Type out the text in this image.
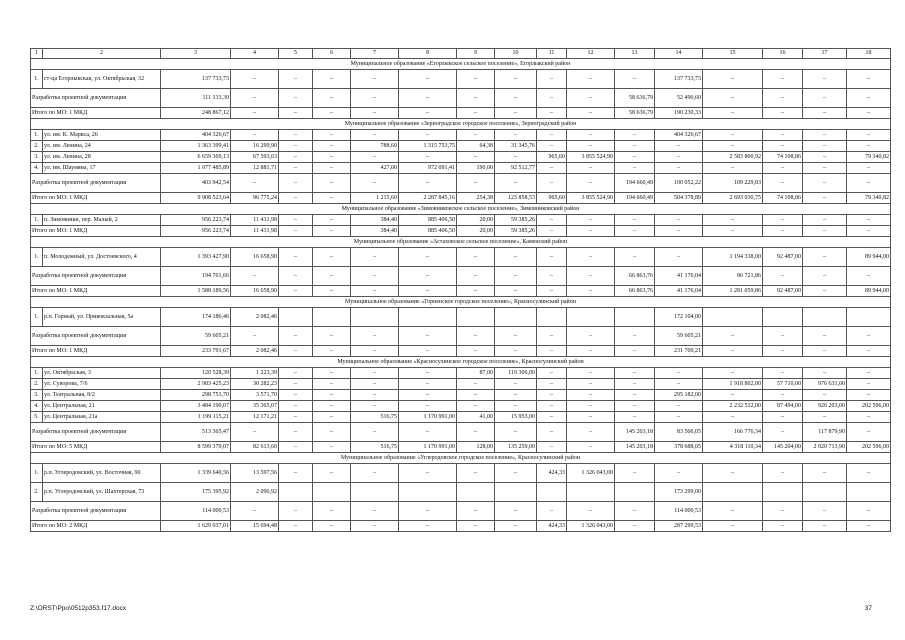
1	2	3	4	5	6	7	8	9	10	11	12	13	14	15	16	17	18
Муниципальное образование «Егорлыкское сельское поселение», Егорлыкский район																	
1.	ст-ца Егорлыкская, ул. Октябрьская, 32	137 733,73	–	–	–	–	–	–	–	–	–	–	137 733,73	–	–	–	–
Разработка проектной документации		111 133,39	–	–	–	–	–	–	–	–	–	58 636,79	52 496,60	–	–	–	–
Итого по МО: 1 МКД		248 867,12	–	–	–	–	–	–	–	–	–	58 636,79	190 230,33	–	–	–	–
Муниципальное образование «Зерноградское городское поселение», Зерноградский район																	
1.	ул. им. К. Маркса, 26	404 326,67	–	–	–	–	–	–	–	–	–	–	404 326,67	–	–	–	–
2.	ул. им. Ленина, 24	1 363 399,41	16 299,90	–	–	788,60	1 315 753,75	64,38	31 345,76	–	–	–	–	–	–	–	–
3.	ул. им. Ленина, 28	6 659 369,13	67 593,63	–	–	–	–	–	–	965,60	3 855 524,90	–	–	2 583 800,92	74 108,86	–	79 340,82
4.	ул. им. Шаумяна, 17	1 077 485,89	12 881,71	–	–	427,00	972 091,41	190,00	92 512,77	–	–	–	–	–	–	–	–
Разработка проектной документации		403 942,54	–	–	–	–	–	–	–	–	–	194 660,49	100 052,22	109 229,83	–	–	–
Итого по МО: 1 МКД		9 908 523,64	96 775,24	–	–	1 215,60	2 287 845,16	254,38	123 858,53	965,60	3 855 524,90	194 660,49	504 378,89	2 693 030,75	74 108,86	–	79 340,82
Муниципальное образование «Зимовниковское сельское поселение», Зимовниковский район																	
1.	п. Зимовники, пер. Малый, 2	956 223,74	11 431,98	–	–	384,40	885 406,50	20,00	59 385,26	–	–	–	–	–	–	–	–
Итого по МО: 1 МКД		956 223,74	11 431,98	–	–	384,40	885 406,50	20,00	59 385,26	–	–	–	–	–	–	–	–
Муниципальное образование «Астаховское сельское поселение», Каменский район																	
1.	п. Молодежный, ул. Достоевского, 4	1 393 427,90	16 658,90	–	–	–	–	–	–	–	–	–	–	1 194 338,00	92 487,00	–	89 944,00
Разработка проектной документации		194 761,66	–	–	–	–	–	–	–	–	–	66 863,76	41 176,04	86 721,86	–	–	–
Итого по МО: 1 МКД		1 588 189,56	16 658,90	–	–	–	–	–	–	–	–	66 863,76	41 176,04	1 281 059,86	92 487,00	–	89 944,00
Муниципальное образование «Горненское городское поселение», Красносулинский район																	
1.	р.п. Горный, ул. Привокзальная, 5а	174 186,46	2 082,46										172 104,00				
Разработка проектной документации		59 605,21	–	–	–	–	–	–	–	–	–	–	59 605,21	–	–	–	–
Итого по МО: 1 МКД		233 791,67	2 082,46	–	–	–	–	–	–	–	–	–	231 709,21	–	–	–	–
Муниципальное образование «Красносулинское городское поселение», Красносулинский район																	
1.	ул. Октябрьская, 3	120 528,39	1 223,39	–	–	–	–	87,00	119 306,00	–	–	–	–	–	–	–	–
2.	ул. Суворова, 7/6	2 983 425,23	30 282,23	–	–	–	–	–	–	–	–	–	–	1 918 802,00	57 710,00	976 631,00	–
3.	ул. Театральная, 8/2	298 753,70	3 571,70	–	–	–	–	–	–	–	–	–	295 182,00	–	–	–	–
4.	ул. Центральная, 21	3 484 190,07	35 365,07	–	–	–	–	–	–	–	–	–	–	2 232 532,00	87 494,00	926 203,00	202 596,00
5.	ул. Центральная, 21а	1 199 115,21	12 171,21	–	–	516,75	1 170 991,00	41,00	15 953,00	–	–	–	–	–	–	–	–
Разработка проектной документации		513 365,47	–	–	–	–	–	–	–	–	–	145 203,18	83 506,05	166 776,34	–	117 879,90	–
Итого по МО: 5 МКД		8 599 379,07	82 613,60	–	–	516,75	1 170 991,00	128,00	135 259,00	–	–	145 203,18	378 688,05	4 318 110,34	145 204,00	2 020 713,90	202 596,00
Муниципальное образование «Углеродовское городское поселение», Красносулинский район																	
1.	р.п. Углеродовский, ул. Восточная, 90	1 339 640,56	13 597,56	–	–	–	–	–	–	424,33	1 326 043,00	–	–	–	–	–	–
2.	р.п. Углеродовский, ул. Шахтерская, 73	175 395,92	2 096,92										173 299,00				
Разработка проектной документации		114 000,53	–	–	–	–	–	–	–	–	–	–	114 000,53	–	–	–	–
Итого по МО: 2 МКД		1 629 037,01	15 694,48	–	–	–	–	–	–	424,33	1 326 043,00	–	287 299,53	–	–	–	–
Z:\ORST\Ppo\0512p353.f17.docx	37
